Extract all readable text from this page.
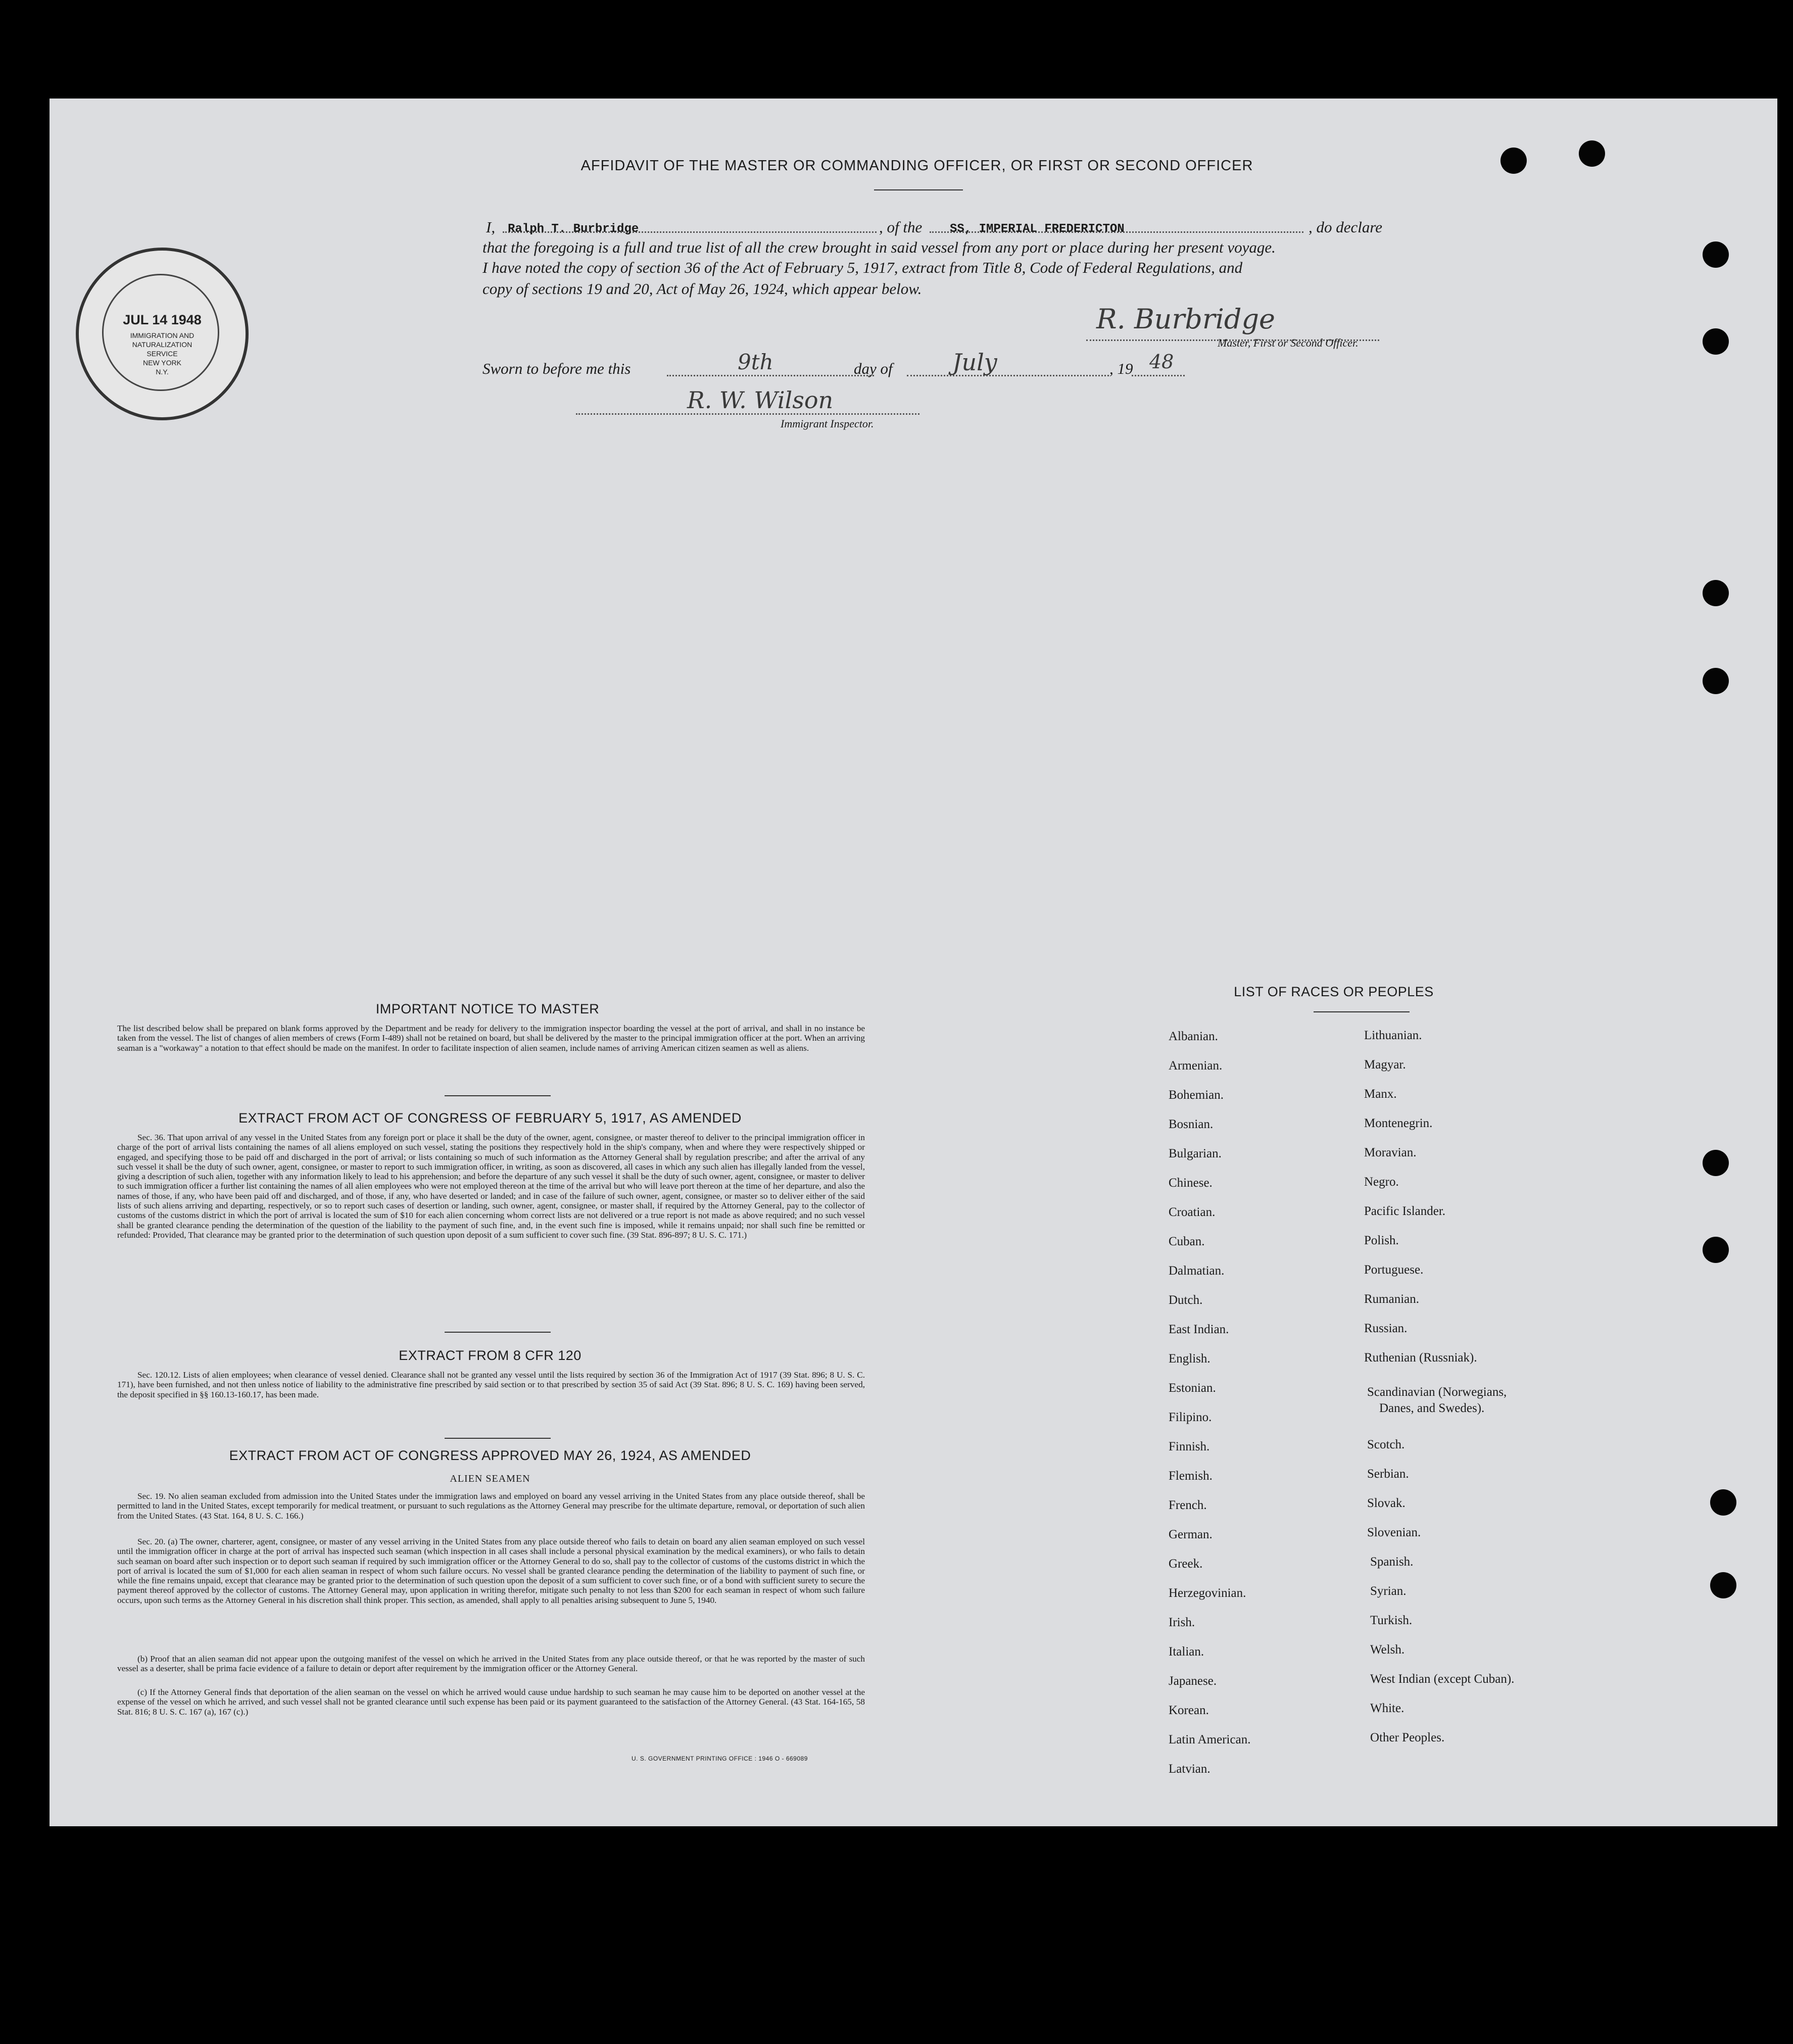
AFFIDAVIT OF THE MASTER OR COMMANDING OFFICER, OR FIRST OR SECOND OFFICER
I, Ralph T. Burbridge	, of the SS, IMPERIAL FREDERICTON	, do declare
that the foregoing is a full and true list of all the crew brought in said vessel from any port or place during her present voyage.
I have noted the copy of section 36 of the Act of February 5, 1917, extract from Title 8, Code of Federal Regulations, and
copy of sections 19 and 20, Act of May 26, 1924, which appear below.
R. Burbridge
Master, First or Second Officer.
Sworn to before me this	9th	day of	July	, 19 48
R. W. Wilson
Immigrant Inspector.
JUL 14 1948
IMMIGRATION AND
NATURALIZATION
SERVICE
NEW YORK
N.Y.
IMPORTANT NOTICE TO MASTER
The list described below shall be prepared on blank forms approved by the Department and be ready for delivery to the immigration inspector boarding the vessel at the port of arrival, and shall in no instance be taken from the vessel. The list of changes of alien members of crews (Form I-489) shall not be retained on board, but shall be delivered by the master to the principal immigration officer at the port. When an arriving seaman is a "workaway" a notation to that effect should be made on the manifest. In order to facilitate inspection of alien seamen, include names of arriving American citizen seamen as well as aliens.
EXTRACT FROM ACT OF CONGRESS OF FEBRUARY 5, 1917, AS AMENDED
Sec. 36. That upon arrival of any vessel in the United States from any foreign port or place it shall be the duty of the owner, agent, consignee, or master thereof to deliver to the principal immigration officer in charge of the port of arrival lists containing the names of all aliens employed on such vessel, stating the positions they respectively hold in the ship's company, when and where they were respectively shipped or engaged, and specifying those to be paid off and discharged in the port of arrival; or lists containing so much of such information as the Attorney General shall by regulation prescribe; and after the arrival of any such vessel it shall be the duty of such owner, agent, consignee, or master to report to such immigration officer, in writing, as soon as discovered, all cases in which any such alien has illegally landed from the vessel, giving a description of such alien, together with any information likely to lead to his apprehension; and before the departure of any such vessel it shall be the duty of such owner, agent, consignee, or master to deliver to such immigration officer a further list containing the names of all alien employees who were not employed thereon at the time of the arrival but who will leave port thereon at the time of her departure, and also the names of those, if any, who have been paid off and discharged, and of those, if any, who have deserted or landed; and in case of the failure of such owner, agent, consignee, or master so to deliver either of the said lists of such aliens arriving and departing, respectively, or so to report such cases of desertion or landing, such owner, agent, consignee, or master shall, if required by the Attorney General, pay to the collector of customs of the customs district in which the port of arrival is located the sum of $10 for each alien concerning whom correct lists are not delivered or a true report is not made as above required; and no such vessel shall be granted clearance pending the determination of the question of the liability to the payment of such fine, and, in the event such fine is imposed, while it remains unpaid; nor shall such fine be remitted or refunded: Provided, That clearance may be granted prior to the determination of such question upon deposit of a sum sufficient to cover such fine. (39 Stat. 896-897; 8 U. S. C. 171.)
EXTRACT FROM 8 CFR 120
Sec. 120.12. Lists of alien employees; when clearance of vessel denied. Clearance shall not be granted any vessel until the lists required by section 36 of the Immigration Act of 1917 (39 Stat. 896; 8 U. S. C. 171), have been furnished, and not then unless notice of liability to the administrative fine prescribed by said section or to that prescribed by section 35 of said Act (39 Stat. 896; 8 U. S. C. 169) having been served, the deposit specified in §§ 160.13-160.17, has been made.
EXTRACT FROM ACT OF CONGRESS APPROVED MAY 26, 1924, AS AMENDED
ALIEN SEAMEN
Sec. 19. No alien seaman excluded from admission into the United States under the immigration laws and employed on board any vessel arriving in the United States from any place outside thereof, shall be permitted to land in the United States, except temporarily for medical treatment, or pursuant to such regulations as the Attorney General may prescribe for the ultimate departure, removal, or deportation of such alien from the United States. (43 Stat. 164, 8 U. S. C. 166.)
Sec. 20. (a) The owner, charterer, agent, consignee, or master of any vessel arriving in the United States from any place outside thereof who fails to detain on board any alien seaman employed on such vessel until the immigration officer in charge at the port of arrival has inspected such seaman (which inspection in all cases shall include a personal physical examination by the medical examiners), or who fails to detain such seaman on board after such inspection or to deport such seaman if required by such immigration officer or the Attorney General to do so, shall pay to the collector of customs of the customs district in which the port of arrival is located the sum of $1,000 for each alien seaman in respect of whom such failure occurs. No vessel shall be granted clearance pending the determination of the liability to payment of such fine, or while the fine remains unpaid, except that clearance may be granted prior to the determination of such question upon the deposit of a sum sufficient to cover such fine, or of a bond with sufficient surety to secure the payment thereof approved by the collector of customs. The Attorney General may, upon application in writing therefor, mitigate such penalty to not less than $200 for each seaman in respect of whom such failure occurs, upon such terms as the Attorney General in his discretion shall think proper. This section, as amended, shall apply to all penalties arising subsequent to June 5, 1940.
(b) Proof that an alien seaman did not appear upon the outgoing manifest of the vessel on which he arrived in the United States from any place outside thereof, or that he was reported by the master of such vessel as a deserter, shall be prima facie evidence of a failure to detain or deport after requirement by the immigration officer or the Attorney General.
(c) If the Attorney General finds that deportation of the alien seaman on the vessel on which he arrived would cause undue hardship to such seaman he may cause him to be deported on another vessel at the expense of the vessel on which he arrived, and such vessel shall not be granted clearance until such expense has been paid or its payment guaranteed to the satisfaction of the Attorney General. (43 Stat. 164-165, 58 Stat. 816; 8 U. S. C. 167 (a), 167 (c).)
U. S. GOVERNMENT PRINTING OFFICE : 1946 O - 669089
LIST OF RACES OR PEOPLES
Albanian.
Armenian.
Bohemian.
Bosnian.
Bulgarian.
Chinese.
Croatian.
Cuban.
Dalmatian.
Dutch.
East Indian.
English.
Estonian.
Filipino.
Finnish.
Flemish.
French.
German.
Greek.
Herzegovinian.
Irish.
Italian.
Japanese.
Korean.
Latin American.
Latvian.
Lithuanian.
Magyar.
Manx.
Montenegrin.
Moravian.
Negro.
Pacific Islander.
Polish.
Portuguese.
Rumanian.
Russian.
Ruthenian (Russniak).
Scandinavian (Norwegians,
Danes, and Swedes).
Scotch.
Serbian.
Slovak.
Slovenian.
Spanish.
Syrian.
Turkish.
Welsh.
West Indian (except Cuban).
White.
Other Peoples.
